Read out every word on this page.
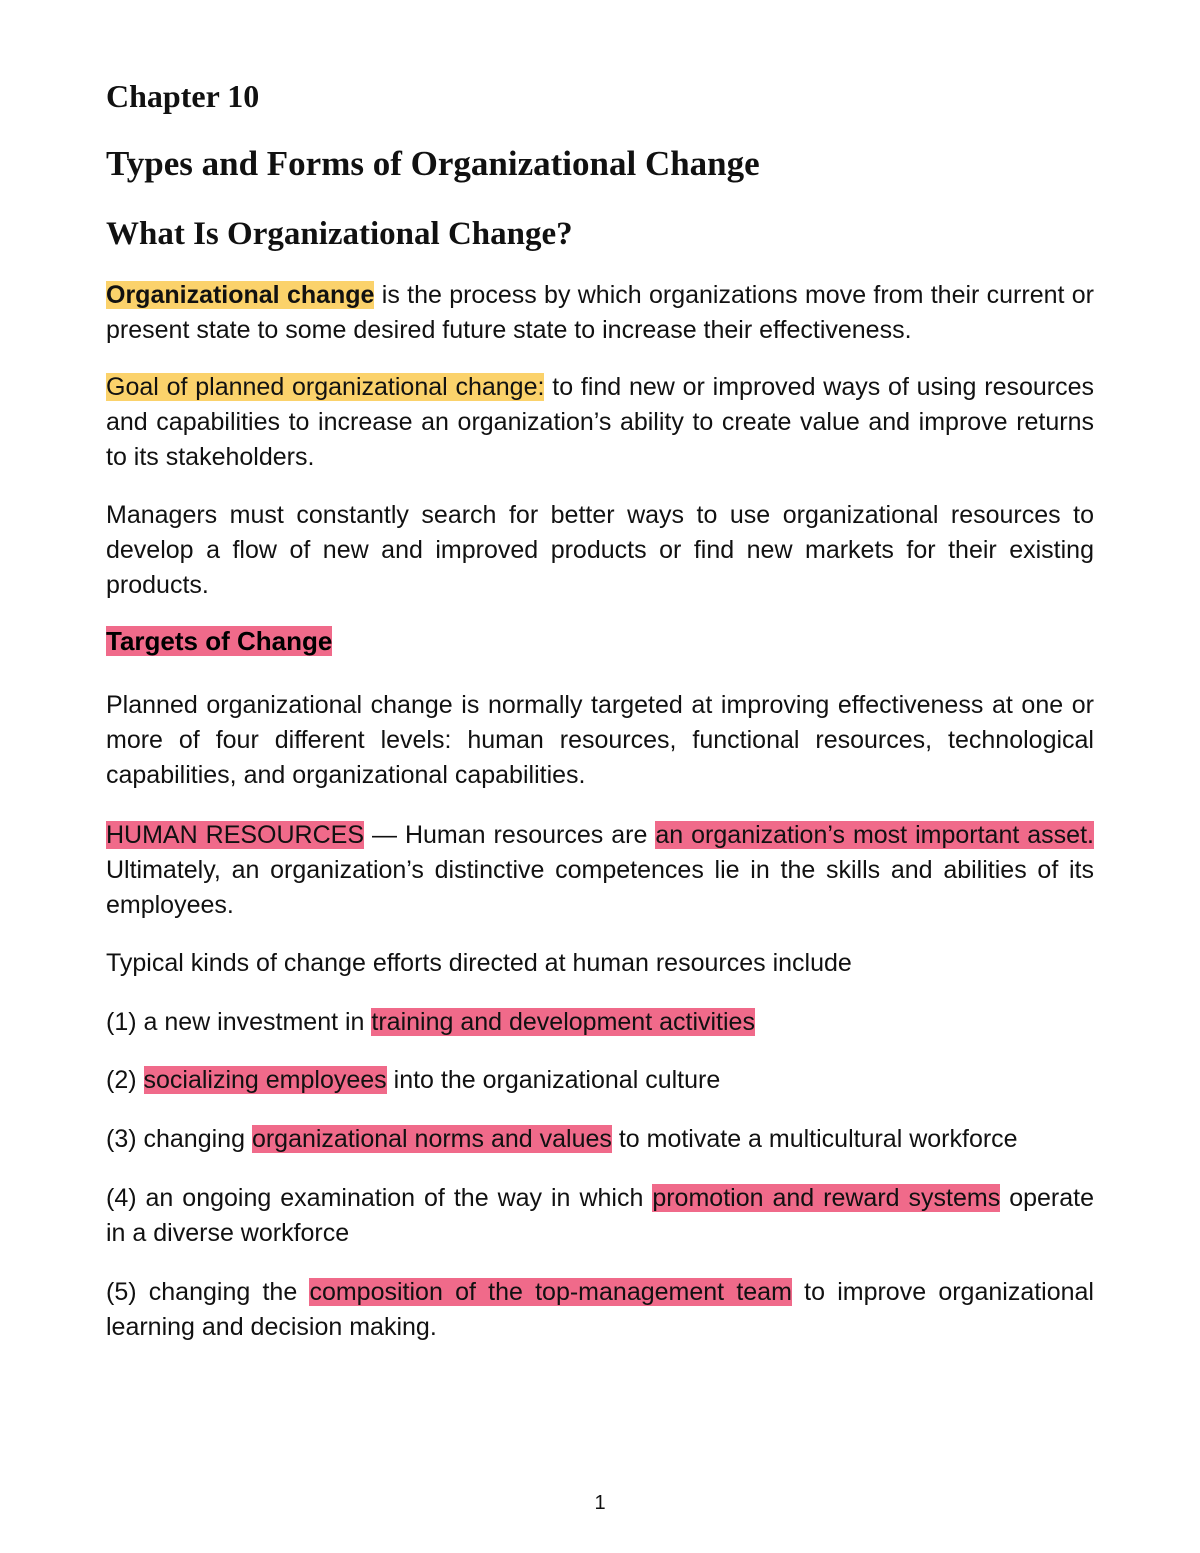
Chapter 10
Types and Forms of Organizational Change
What Is Organizational Change?

Organizational change is the process by which organizations move from their current or present state to some desired future state to increase their effectiveness.

Goal of planned organizational change: to find new or improved ways of using resources and capabilities to increase an organization’s ability to create value and improve returns to its stakeholders.

Managers must constantly search for better ways to use organizational resources to develop a flow of new and improved products or find new markets for their existing products.

Targets of Change

Planned organizational change is normally targeted at improving effectiveness at one or more of four different levels: human resources, functional resources, technological capabilities, and organizational capabilities.

HUMAN RESOURCES — Human resources are an organization’s most important asset. Ultimately, an organization’s distinctive competences lie in the skills and abilities of its employees.

Typical kinds of change efforts directed at human resources include

(1) a new investment in training and development activities

(2) socializing employees into the organizational culture

(3) changing organizational norms and values to motivate a multicultural workforce

(4) an ongoing examination of the way in which promotion and reward systems operate in a diverse workforce

(5) changing the composition of the top-management team to improve organizational learning and decision making.

1
